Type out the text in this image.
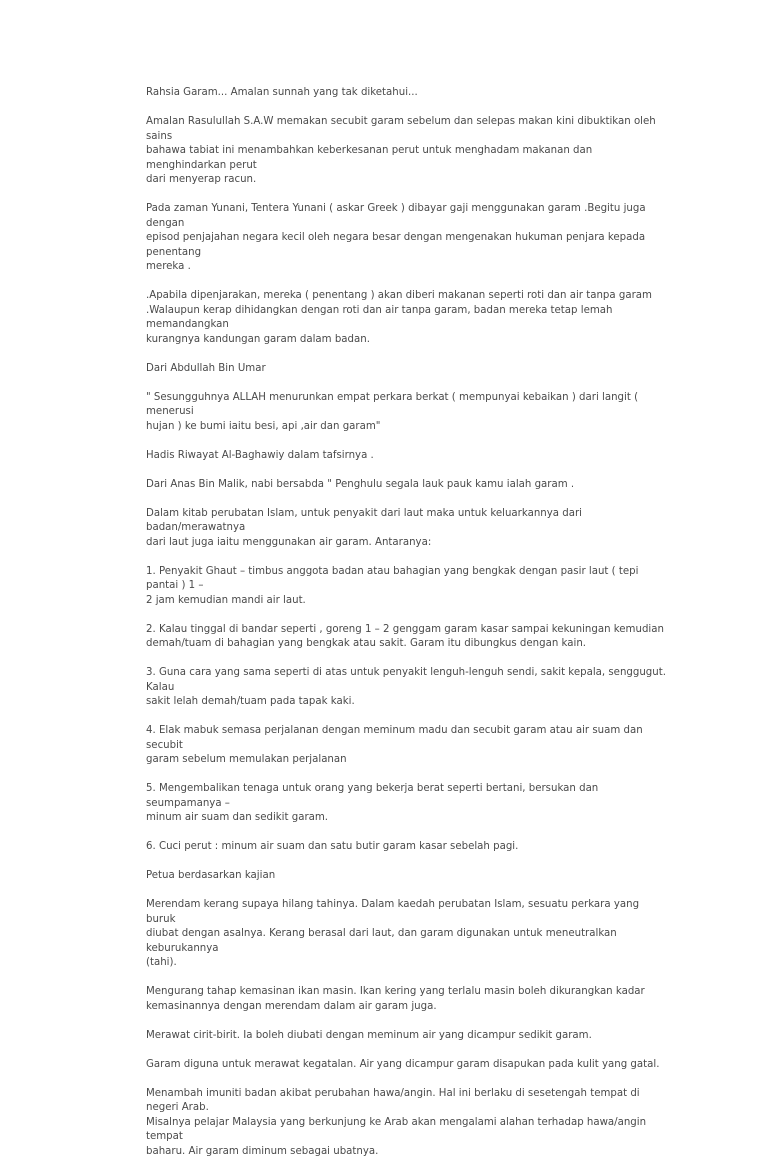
Rahsia Garam... Amalan sunnah yang tak diketahui...

Amalan Rasulullah S.A.W memakan secubit garam sebelum dan selepas makan kini dibuktikan oleh sains
bahawa tabiat ini menambahkan keberkesanan perut untuk menghadam makanan dan menghindarkan perut
dari menyerap racun.

Pada zaman Yunani, Tentera Yunani ( askar Greek ) dibayar gaji menggunakan garam .Begitu juga dengan
episod penjajahan negara kecil oleh negara besar dengan mengenakan hukuman penjara kepada penentang
mereka .

.Apabila dipenjarakan, mereka ( penentang ) akan diberi makanan seperti roti dan air tanpa garam
.Walaupun kerap dihidangkan dengan roti dan air tanpa garam, badan mereka tetap lemah memandangkan
kurangnya kandungan garam dalam badan.

Dari Abdullah Bin Umar

" Sesungguhnya ALLAH menurunkan empat perkara berkat ( mempunyai kebaikan ) dari langit ( menerusi
hujan ) ke bumi iaitu besi, api ,air dan garam"

Hadis Riwayat Al-Baghawiy dalam tafsirnya .

Dari Anas Bin Malik, nabi bersabda " Penghulu segala lauk pauk kamu ialah garam .

Dalam kitab perubatan Islam, untuk penyakit dari laut maka untuk keluarkannya dari badan/merawatnya
dari laut juga iaitu menggunakan air garam. Antaranya:

1. Penyakit Ghaut – timbus anggota badan atau bahagian yang bengkak dengan pasir laut ( tepi pantai ) 1 –
2 jam kemudian mandi air laut.

2. Kalau tinggal di bandar seperti , goreng 1 – 2 genggam garam kasar sampai kekuningan kemudian
demah/tuam di bahagian yang bengkak atau sakit. Garam itu dibungkus dengan kain.

3. Guna cara yang sama seperti di atas untuk penyakit lenguh-lenguh sendi, sakit kepala, senggugut. Kalau
sakit lelah demah/tuam pada tapak kaki.

4. Elak mabuk semasa perjalanan dengan meminum madu dan secubit garam atau air suam dan secubit
garam sebelum memulakan perjalanan

5. Mengembalikan tenaga untuk orang yang bekerja berat seperti bertani, bersukan dan seumpamanya –
minum air suam dan sedikit garam.

6. Cuci perut : minum air suam dan satu butir garam kasar sebelah pagi.

Petua berdasarkan kajian

Merendam kerang supaya hilang tahinya. Dalam kaedah perubatan Islam, sesuatu perkara yang buruk
diubat dengan asalnya. Kerang berasal dari laut, dan garam digunakan untuk meneutralkan keburukannya
(tahi).

Mengurang tahap kemasinan ikan masin. Ikan kering yang terlalu masin boleh dikurangkan kadar
kemasinannya dengan merendam dalam air garam juga.

Merawat cirit-birit. Ia boleh diubati dengan meminum air yang dicampur sedikit garam.

Garam diguna untuk merawat kegatalan. Air yang dicampur garam disapukan pada kulit yang gatal.

Menambah imuniti badan akibat perubahan hawa/angin. Hal ini berlaku di sesetengah tempat di negeri Arab.
Misalnya pelajar Malaysia yang berkunjung ke Arab akan mengalami alahan terhadap hawa/angin tempat
baharu. Air garam diminum sebagai ubatnya.
